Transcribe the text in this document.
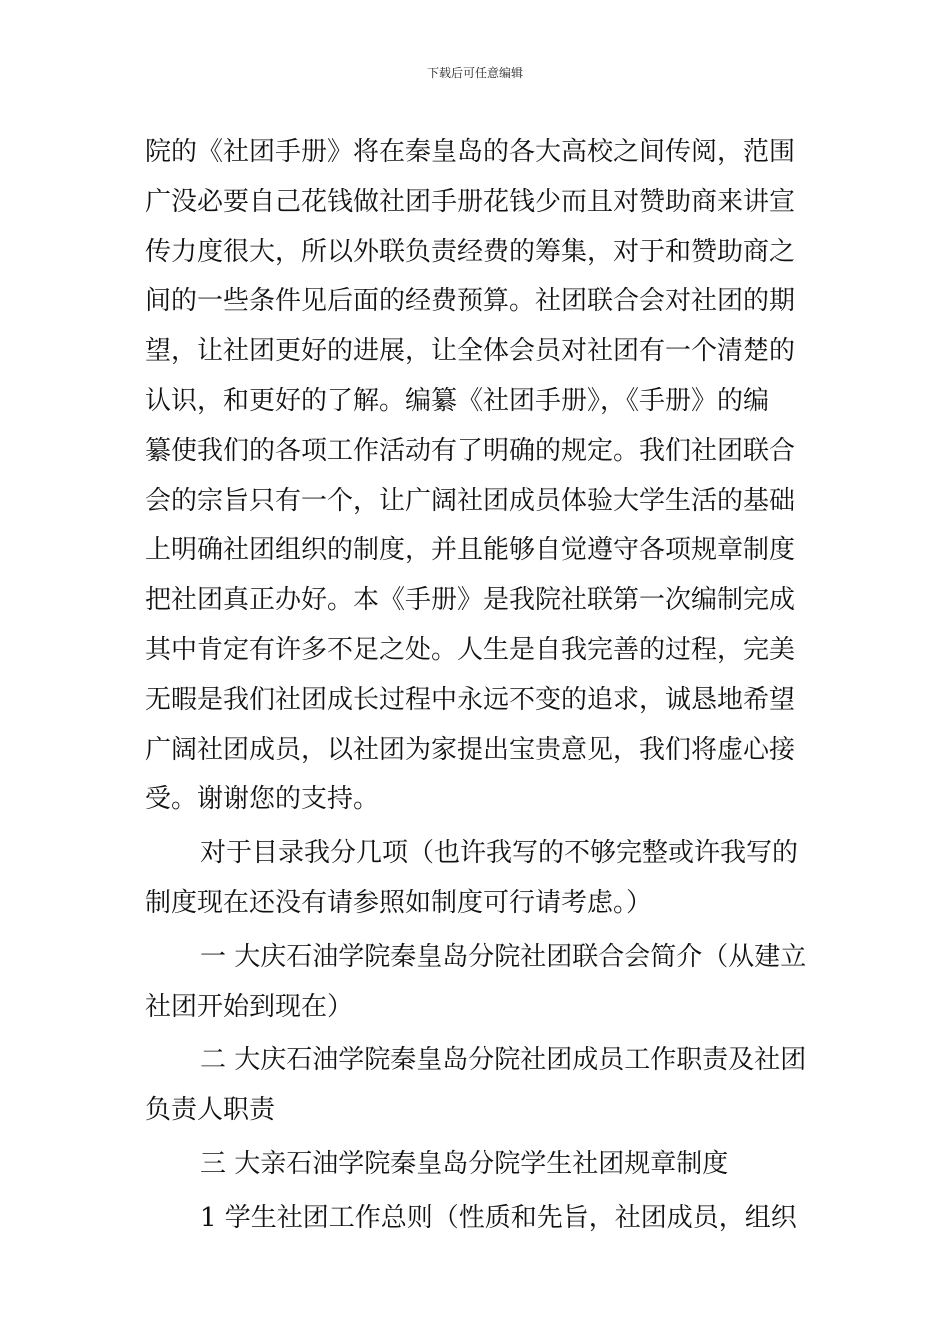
下载后可任意编辑
院的《社团手册》将在秦皇岛的各大高校之间传阅，范围
广没必要自己花钱做社团手册花钱少而且对赞助商来讲宣
传力度很大，所以外联负责经费的筹集，对于和赞助商之
间的一些条件见后面的经费预算。社团联合会对社团的期
望，让社团更好的进展，让全体会员对社团有一个清楚的
认识，和更好的了解。编纂《社团手册》，《手册》的编
纂使我们的各项工作活动有了明确的规定。我们社团联合
会的宗旨只有一个，让广阔社团成员体验大学生活的基础
上明确社团组织的制度，并且能够自觉遵守各项规章制度
把社团真正办好。本《手册》是我院社联第一次编制完成
其中肯定有许多不足之处。人生是自我完善的过程，完美
无暇是我们社团成长过程中永远不变的追求，诚恳地希望
广阔社团成员，以社团为家提出宝贵意见，我们将虚心接
受。谢谢您的支持。
对于目录我分几项（也许我写的不够完整或许我写的
制度现在还没有请参照如制度可行请考虑。）
一 大庆石油学院秦皇岛分院社团联合会简介（从建立
社团开始到现在）
二 大庆石油学院秦皇岛分院社团成员工作职责及社团
负责人职责
三 大亲石油学院秦皇岛分院学生社团规章制度
1 学生社团工作总则（性质和先旨，社团成员，组织
